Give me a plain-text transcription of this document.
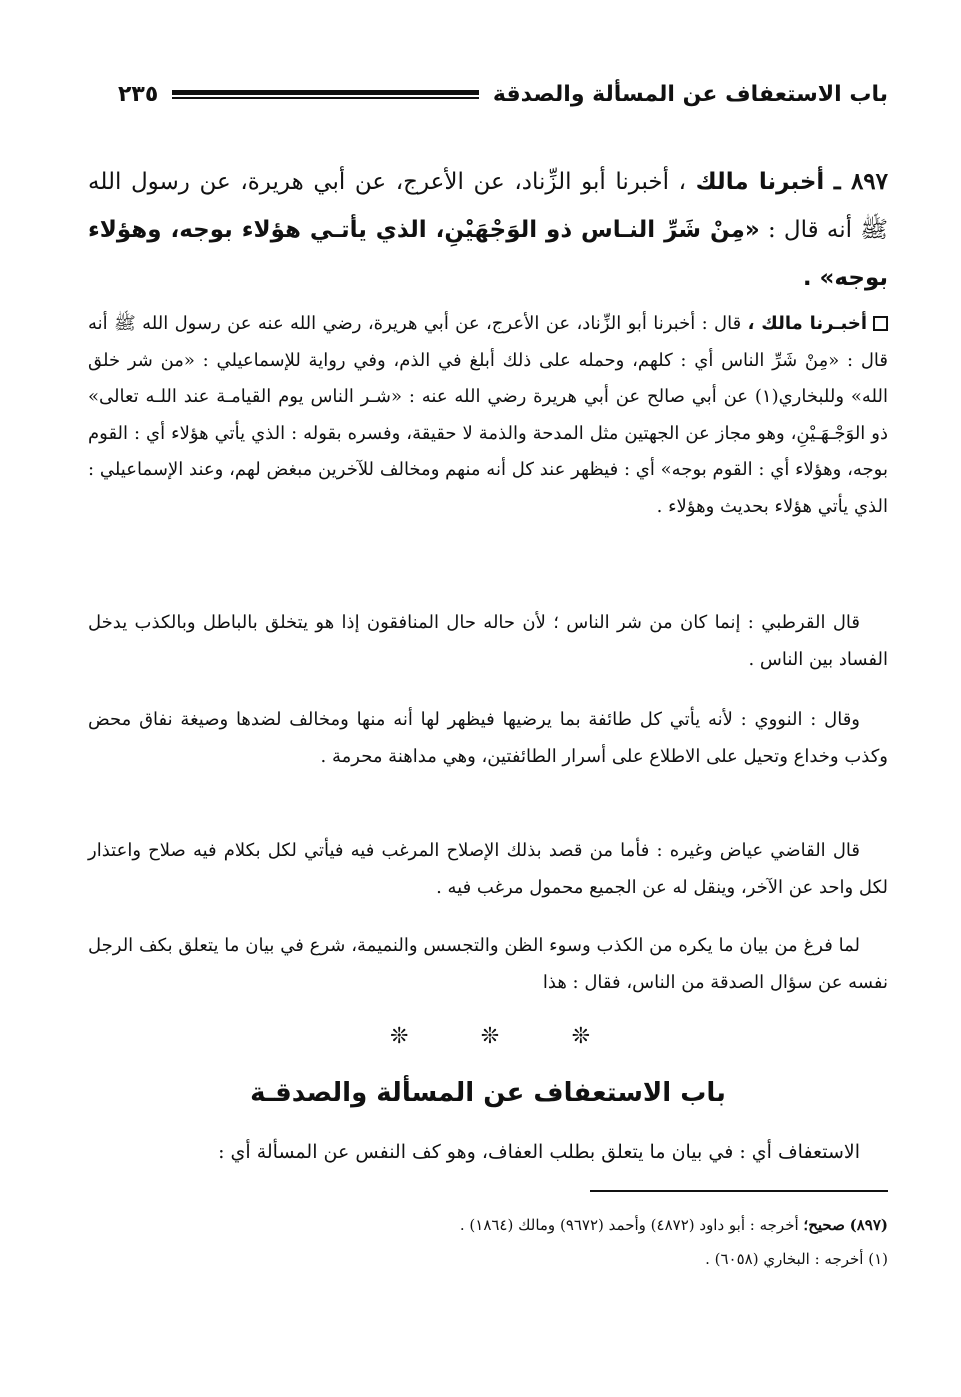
باب الاستعفاف عن المسألة والصدقة
٢٣٥
٨٩٧ ـ أخبرنا مالك ، أخبرنا أبو الزِّناد، عن الأعرج، عن أبي هريرة، عن رسول الله ﷺ أنه قال : «مِنْ شَرِّ النـاس ذو الوَجْهَيْنِ، الذي يأتـي هؤلاء بوجه، وهؤلاء بوجه» .
أخبـرنا مالك ، قال : أخبرنا أبو الزِّناد، عن الأعرج، عن أبي هريرة، رضي الله عنه عن رسول الله ﷺ أنه قال : «مِنْ شَرِّ الناس أي : كلهم، وحمله على ذلك أبلغ في الذم، وفي رواية للإسماعيلي : «من شر خلق الله» وللبخاري(١) عن أبي صالح عن أبي هريرة رضي الله عنه : «شـر الناس يوم القيامـة عند اللـه تعالى» ذو الوَجْـهَـيْنِ، وهو مجاز عن الجهتين مثل المدحة والذمة لا حقيقة، وفسره بقوله : الذي يأتي هؤلاء أي : القوم بوجه، وهؤلاء أي : القوم بوجه» أي : فيظهر عند كل أنه منهم ومخالف للآخرين مبغض لهم، وعند الإسماعيلي : الذي يأتي هؤلاء بحديث وهؤلاء .
قال القرطبي : إنما كان من شر الناس ؛ لأن حاله حال المنافقون إذا هو يتخلق بالباطل وبالكذب يدخل الفساد بين الناس .
وقال : النووي : لأنه يأتي كل طائفة بما يرضيها فيظهر لها أنه منها ومخالف لضدها وصيغة نفاق محض وكذب وخداع وتحيل على الاطلاع على أسرار الطائفتين، وهي مداهنة محرمة .
قال القاضي عياض وغيره : فأما من قصد بذلك الإصلاح المرغب فيه فيأتي لكل بكلام فيه صلاح واعتذار لكل واحد عن الآخر، وينقل له عن الجميع محمول مرغب فيه .
لما فرغ من بيان ما يكره من الكذب وسوء الظن والتجسس والنميمة، شرع في بيان ما يتعلق بكف الرجل نفسه عن سؤال الصدقة من الناس، فقال : هذا
❊	❊	❊
باب الاستعفاف عن المسألة والصدقـة
الاستعفاف أي : في بيان ما يتعلق بطلب العفاف، وهو كف النفس عن المسألة أي :

(٨٩٧) صحيح؛ أخرجه : أبو داود (٤٨٧٢) وأحمد (٩٦٧٢) ومالك (١٨٦٤) .

(١) أخرجه : البخاري (٦٠٥٨) .
